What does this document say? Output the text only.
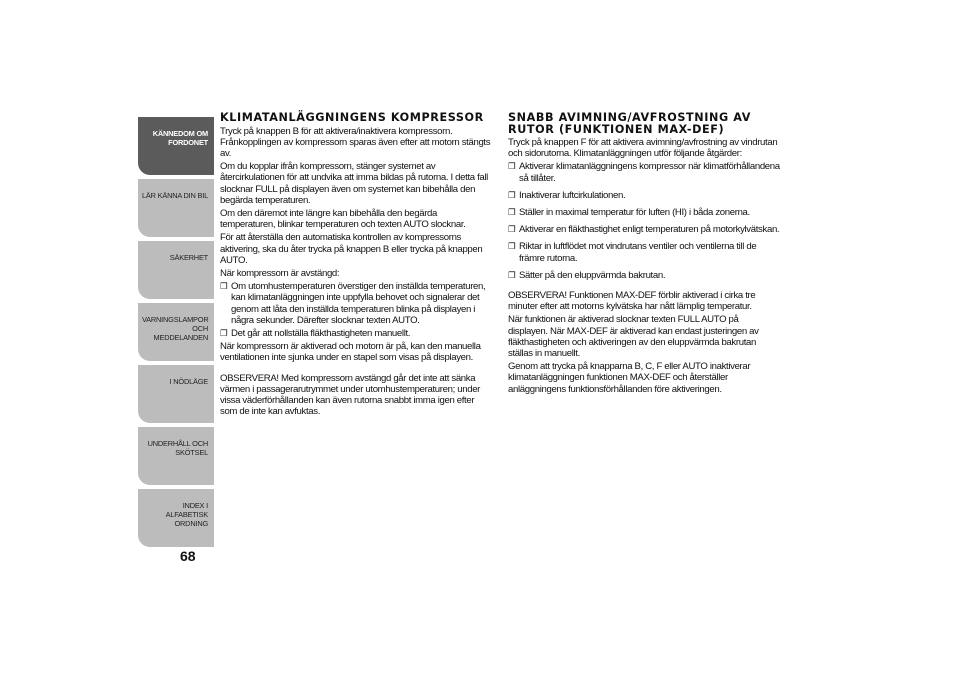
KÄNNEDOM OM
FORDONET
LÄR KÄNNA DIN BIL
SÄKERHET
VARNINGSLAMPOR
OCH MEDDELANDEN
I NÖDLÄGE
UNDERHÅLL OCH
SKÖTSEL
INDEX I ALFABETISK
ORDNING
68
KLIMATANLÄGGNINGENS KOMPRESSOR

Tryck på knappen B för att aktivera/inaktivera kompressorn. Frånkopplingen av kompressorn sparas även efter att motorn stängts av.

Om du kopplar ifrån kompressorn, stänger systemet av återcirkulationen för att undvika att imma bildas på rutorna. I detta fall slocknar FULL på displayen även om systemet kan bibehålla den begärda temperaturen.

Om den däremot inte längre kan bibehålla den begärda temperaturen, blinkar temperaturen och texten AUTO slocknar.

För att återställa den automatiska kontrollen av kompressorns aktivering, ska du åter trycka på knappen B eller trycka på knappen AUTO.

När kompressorn är avstängd:

❐ Om utomhustemperaturen överstiger den inställda temperaturen, kan klimatanläggningen inte uppfylla behovet och signalerar det genom att låta den inställda temperaturen blinka på displayen i några sekunder. Därefter slocknar texten AUTO.
❐ Det går att nollställa fläkthastigheten manuellt.

När kompressorn är aktiverad och motorn är på, kan den manuella ventilationen inte sjunka under en stapel som visas på displayen.

OBSERVERA! Med kompressorn avstängd går det inte att sänka värmen i passagerarutrymmet under utomhustemperaturen; under vissa väderförhållanden kan även rutorna snabbt imma igen efter som de inte kan avfuktas.

SNABB AVIMNING/AVFROSTNING AV RUTOR (FUNKTIONEN MAX-DEF)

Tryck på knappen F för att aktivera avimning/avfrostning av vindrutan och sidorutorna. Klimatanläggningen utför följande åtgärder:

❐ Aktiverar klimatanläggningens kompressor när klimatförhållandena så tillåter.
❐ Inaktiverar luftcirkulationen.
❐ Ställer in maximal temperatur för luften (HI) i båda zonerna.
❐ Aktiverar en fläkthastighet enligt temperaturen på motorkylvätskan.
❐ Riktar in luftflödet mot vindrutans ventiler och ventilerna till de främre rutorna.
❐ Sätter på den eluppvärmda bakrutan.

OBSERVERA! Funktionen MAX-DEF förblir aktiverad i cirka tre minuter efter att motorns kylvätska har nått lämplig temperatur.

När funktionen är aktiverad slocknar texten FULL AUTO på displayen. När MAX-DEF är aktiverad kan endast justeringen av fläkthastigheten och aktiveringen av den eluppvärmda bakrutan ställas in manuellt.

Genom att trycka på knapparna B, C, F eller AUTO inaktiverar klimatanläggningen funktionen MAX-DEF och återställer anläggningens funktionsförhållanden före aktiveringen.
